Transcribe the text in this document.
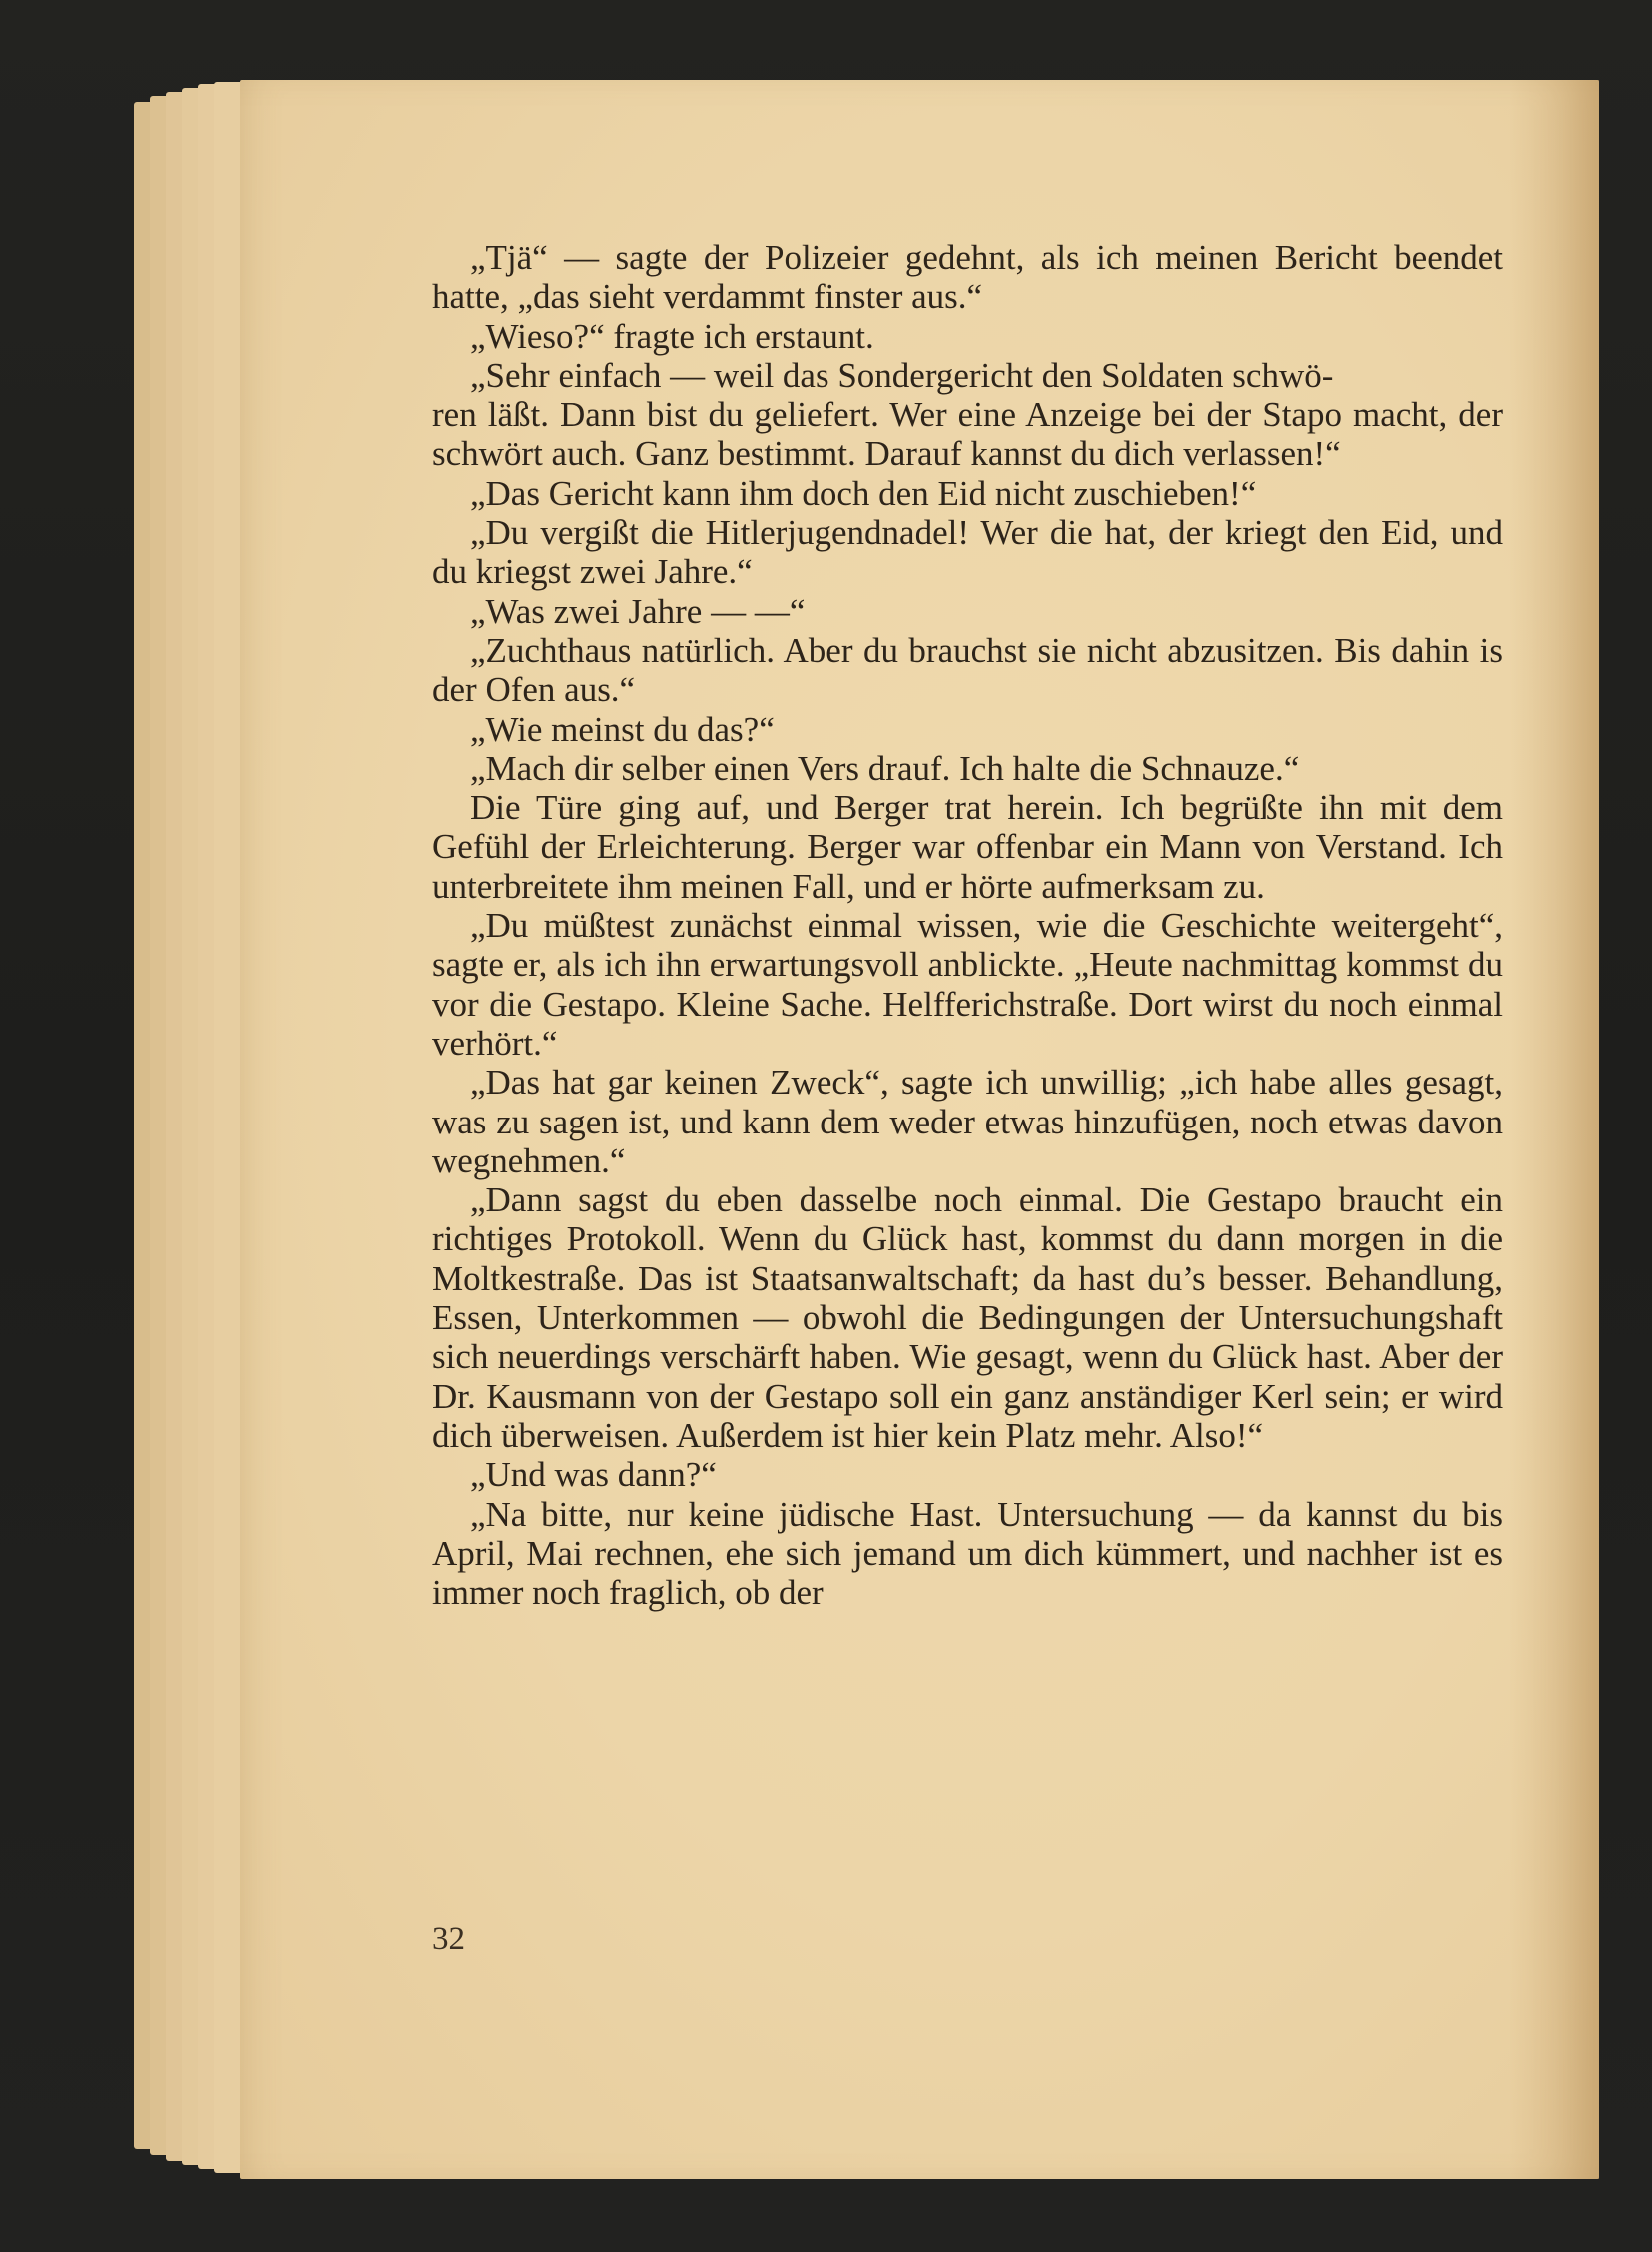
„Tjä“ — sagte der Polizeier gedehnt, als ich meinen Bericht beendet hatte, „das sieht verdammt finster aus.“

„Wieso?“ fragte ich erstaunt.

„Sehr einfach — weil das Sondergericht den Soldaten schwö-
ren läßt. Dann bist du geliefert. Wer eine Anzeige bei der Stapo macht, der schwört auch. Ganz bestimmt. Darauf kannst du dich verlassen!“

„Das Gericht kann ihm doch den Eid nicht zuschieben!“

„Du vergißt die Hitlerjugendnadel! Wer die hat, der kriegt den Eid, und du kriegst zwei Jahre.“

„Was zwei Jahre — —“

„Zuchthaus natürlich. Aber du brauchst sie nicht abzusitzen. Bis dahin is der Ofen aus.“

„Wie meinst du das?“

„Mach dir selber einen Vers drauf. Ich halte die Schnauze.“

Die Türe ging auf, und Berger trat herein. Ich begrüßte ihn mit dem Gefühl der Erleichterung. Berger war offenbar ein Mann von Verstand. Ich unterbreitete ihm meinen Fall, und er hörte aufmerksam zu.

„Du müßtest zunächst einmal wissen, wie die Geschichte weitergeht“, sagte er, als ich ihn erwartungsvoll anblickte. „Heute nachmittag kommst du vor die Gestapo. Kleine Sache. Helfferichstraße. Dort wirst du noch einmal verhört.“

„Das hat gar keinen Zweck“, sagte ich unwillig; „ich habe alles gesagt, was zu sagen ist, und kann dem weder etwas hinzufügen, noch etwas davon wegnehmen.“

„Dann sagst du eben dasselbe noch einmal. Die Gestapo braucht ein richtiges Protokoll. Wenn du Glück hast, kommst du dann morgen in die Moltkestraße. Das ist Staatsanwaltschaft; da hast du’s besser. Behandlung, Essen, Unterkommen — obwohl die Bedingungen der Untersuchungshaft sich neuerdings verschärft haben. Wie gesagt, wenn du Glück hast. Aber der Dr. Kausmann von der Gestapo soll ein ganz anständiger Kerl sein; er wird dich überweisen. Außerdem ist hier kein Platz mehr. Also!“

„Und was dann?“

„Na bitte, nur keine jüdische Hast. Untersuchung — da kannst du bis April, Mai rechnen, ehe sich jemand um dich kümmert, und nachher ist es immer noch fraglich, ob der

32
